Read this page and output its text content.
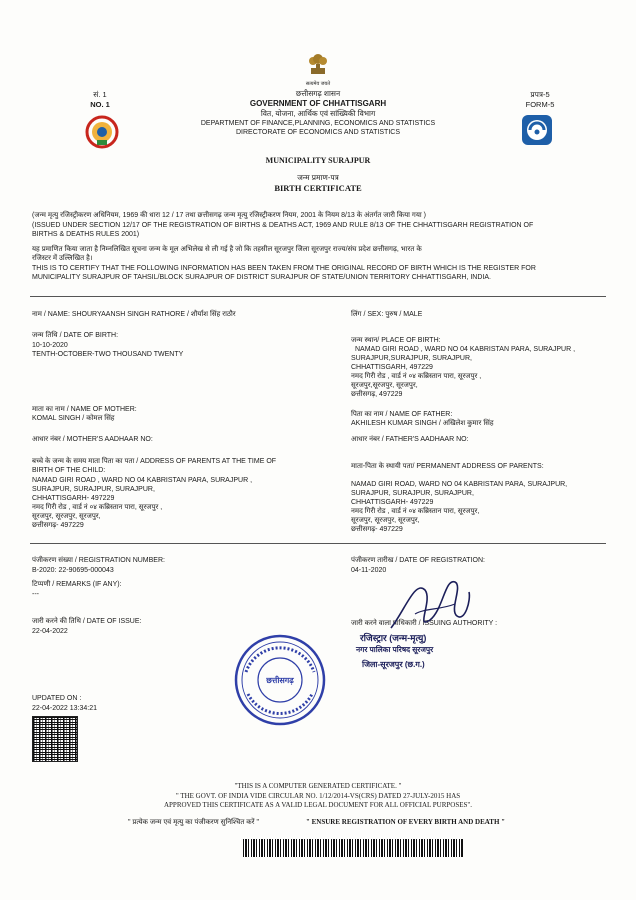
सं. 1
NO. 1
सत्यमेव जयते
छत्तीसगढ़ शासन
GOVERNMENT OF CHHATTISGARH
वित, योजना, आर्थिक एवं सांख्यिकी विभाग
DEPARTMENT OF FINANCE,PLANNING, ECONOMICS AND STATISTICS
DIRECTORATE OF ECONOMICS AND STATISTICS
प्रपत्र-5
FORM-5
MUNICIPALITY SURAJPUR
जन्म प्रमाण-पत्र
BIRTH CERTIFICATE
(जन्म मृत्यु रजिस्ट्रीकरण अधिनियम, 1969 की धारा 12 / 17 तथा छत्तीसगढ़ जन्म मृत्यु रजिस्ट्रीकरण नियम, 2001 के नियम 8/13 के अंतर्गत जारी किया गया )
(ISSUED UNDER SECTION 12/17 OF THE REGISTRATION OF BIRTHS & DEATHS ACT, 1969 AND RULE 8/13 OF THE CHHATTISGARH REGISTRATION OF
BIRTHS & DEATHS RULES 2001)
यह प्रमाणित किया जाता है निम्नलिखित सूचना जन्म के मूल अभिलेख से ली गई है जो कि तहसील सूरजपुर जिला सूरजपुर राज्य/संघ प्रदेश छत्तीसगढ़, भारत के
रजिस्टर में उल्लिखित है।
THIS IS TO CERTIFY THAT THE FOLLOWING INFORMATION HAS BEEN TAKEN FROM THE ORIGINAL RECORD OF BIRTH WHICH IS THE REGISTER FOR
MUNICIPALITY SURAJPUR OF TAHSIL/BLOCK SURAJPUR OF DISTRICT SURAJPUR OF STATE/UNION TERRITORY CHHATTISGARH, INDIA.
नाम / NAME: SHOURYAANSH SINGH RATHORE / शौर्यांश सिंह राठौर	लिंग / SEX: पुरुष / MALE
जन्म तिथि / DATE OF BIRTH:
10-10-2020
TENTH-OCTOBER-TWO THOUSAND TWENTY
जन्म स्थान/ PLACE OF BIRTH:
NAMAD GIRI ROAD , WARD NO 04 KABRISTAN PARA, SURAJPUR ,
SURAJPUR,SURAJPUR, SURAJPUR,
CHHATTISGARH, 497229
नमद गिरी रोड , वार्ड नं ०४ कब्रिस्तान पारा, सूरजपुर ,
सूरजपुर,सूरजपुर, सूरजपुर,
छत्तीसगढ़, 497229
माता का नाम / NAME OF MOTHER:
KOMAL SINGH / कोमल सिंह
पिता का नाम / NAME OF FATHER:
AKHILESH KUMAR SINGH / अखिलेश कुमार सिंह
आधार नंबर / MOTHER'S AADHAAR NO:	आधार नंबर / FATHER'S AADHAAR NO:
बच्चे के जन्म के समय माता पिता का पता / ADDRESS OF PARENTS AT THE TIME OF
BIRTH OF THE CHILD:
NAMAD GIRI ROAD , WARD NO 04 KABRISTAN PARA, SURAJPUR ,
SURAJPUR, SURAJPUR, SURAJPUR,
CHHATTISGARH- 497229
नमद गिरी रोड , वार्ड नं ०४ कब्रिस्तान पारा, सूरजपुर ,
सूरजपुर, सूरजपुर, सूरजपुर,
छत्तीसगढ़- 497229
माता-पिता के स्थायी पता/ PERMANENT ADDRESS OF PARENTS:
NAMAD GIRI ROAD, WARD NO 04 KABRISTAN PARA, SURAJPUR,
SURAJPUR, SURAJPUR, SURAJPUR,
CHHATTISGARH- 497229
नमद गिरी रोड , वार्ड नं ०४ कब्रिस्तान पारा, सूरजपुर,
सूरजपुर, सूरजपुर, सूरजपुर,
छत्तीसगढ़- 497229
पंजीकरण संख्या / REGISTRATION NUMBER:
B-2020: 22-90695-000043
पंजीकरण तारीख / DATE OF REGISTRATION:
04-11-2020
टिप्पणी / REMARKS (IF ANY):
---
जारी करने की तिथि / DATE OF ISSUE:
22-04-2022
जारी करने वाला प्राधिकारी / ISSUING AUTHORITY :
रजिस्ट्रार (जन्म-मृत्यु)
नगर पालिका परिषद सूरजपुर
जिला-सूरजपुर (छ.ग.)
छत्तीसगढ़
UPDATED ON :
22-04-2022 13:34:21
"THIS IS A COMPUTER GENERATED CERTIFICATE. "
" THE GOVT. OF INDIA VIDE CIRCULAR NO. 1/12/2014-VS(CRS) DATED 27-JULY-2015 HAS
APPROVED THIS CERTIFICATE AS A VALID LEGAL DOCUMENT FOR ALL OFFICIAL PURPOSES".
" प्रत्येक जन्म एवं मृत्यु का पंजीकरण सुनिश्चित करें "	" ENSURE REGISTRATION OF EVERY BIRTH AND DEATH "
